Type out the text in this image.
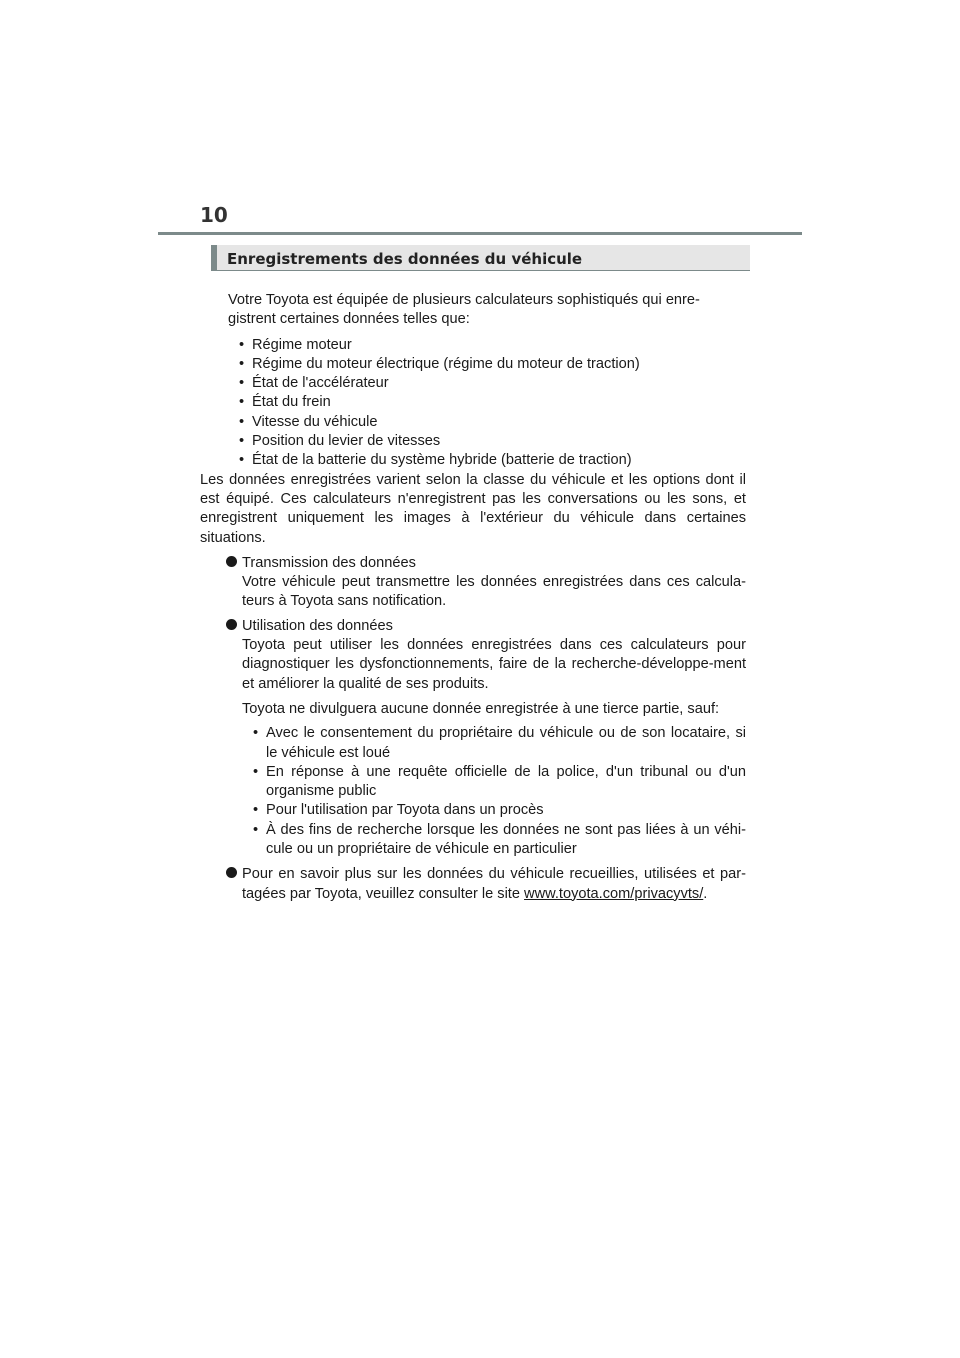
10
Enregistrements des données du véhicule

Votre Toyota est équipée de plusieurs calculateurs sophistiqués qui enre-
gistrent certaines données telles que:

• Régime moteur
• Régime du moteur électrique (régime du moteur de traction)
• État de l'accélérateur
• État du frein
• Vitesse du véhicule
• Position du levier de vitesses
• État de la batterie du système hybride (batterie de traction)

Les données enregistrées varient selon la classe du véhicule et les options dont il est équipé. Ces calculateurs n'enregistrent pas les conversations ou les sons, et enregistrent uniquement les images à l'extérieur du véhicule dans certaines situations.

Transmission des données

Votre véhicule peut transmettre les données enregistrées dans ces calcula-teurs à Toyota sans notification.

Utilisation des données

Toyota peut utiliser les données enregistrées dans ces calculateurs pour diagnostiquer les dysfonctionnements, faire de la recherche-développe-ment et améliorer la qualité de ses produits.

Toyota ne divulguera aucune donnée enregistrée à une tierce partie, sauf:

• Avec le consentement du propriétaire du véhicule ou de son locataire, si le véhicule est loué
• En réponse à une requête officielle de la police, d'un tribunal ou d'un organisme public
• Pour l'utilisation par Toyota dans un procès
• À des fins de recherche lorsque les données ne sont pas liées à un véhi-cule ou un propriétaire de véhicule en particulier

Pour en savoir plus sur les données du véhicule recueillies, utilisées et par-tagées par Toyota, veuillez consulter le site www.toyota.com/privacyvts/.
